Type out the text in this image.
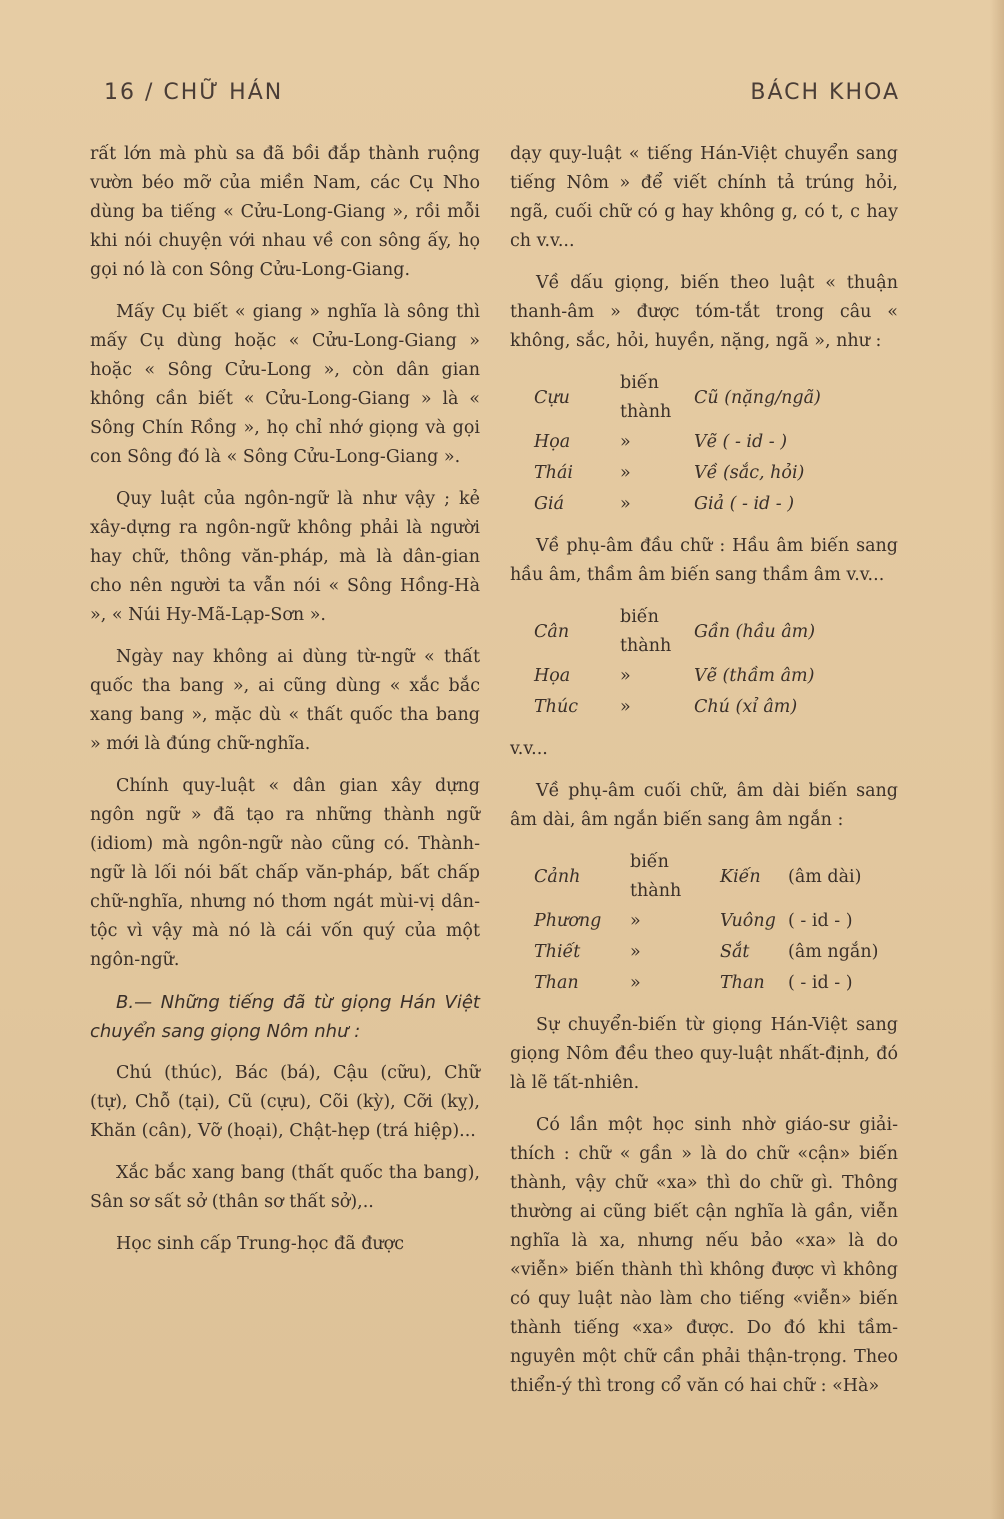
16 / CHỮ HÁN	BÁCH KHOA

rất lớn mà phù sa đã bồi đắp thành ruộng vườn béo mỡ của miền Nam, các Cụ Nho dùng ba tiếng « Cửu-Long-Giang », rồi mỗi khi nói chuyện với nhau về con sông ấy, họ gọi nó là con Sông Cửu-Long-Giang.

Mấy Cụ biết « giang » nghĩa là sông thì mấy Cụ dùng hoặc « Cửu-Long-Giang » hoặc « Sông Cửu-Long », còn dân gian không cần biết « Cửu-Long-Giang » là « Sông Chín Rồng », họ chỉ nhớ giọng và gọi con Sông đó là « Sông Cửu-Long-Giang ».

Quy luật của ngôn-ngữ là như vậy ; kẻ xây-dựng ra ngôn-ngữ không phải là người hay chữ, thông văn-pháp, mà là dân-gian cho nên người ta vẫn nói « Sông Hồng-Hà », « Núi Hy-Mã-Lạp-Sơn ».

Ngày nay không ai dùng từ-ngữ « thất quốc tha bang », ai cũng dùng « xắc bắc xang bang », mặc dù « thất quốc tha bang » mới là đúng chữ-nghĩa.

Chính quy-luật « dân gian xây dựng ngôn ngữ » đã tạo ra những thành ngữ (idiom) mà ngôn-ngữ nào cũng có. Thành-ngữ là lối nói bất chấp văn-pháp, bất chấp chữ-nghĩa, nhưng nó thơm ngát mùi-vị dân-tộc vì vậy mà nó là cái vốn quý của một ngôn-ngữ.

B.— Những tiếng đã từ giọng Hán Việt chuyển sang giọng Nôm như :

Chú (thúc), Bác (bá), Cậu (cữu), Chữ (tự), Chỗ (tại), Cũ (cựu), Cõi (kỳ), Cỡi (kỵ), Khăn (cân), Vỡ (hoại), Chật-hẹp (trá hiệp)...

Xắc bắc xang bang (thất quốc tha bang), Sân sơ sất sở (thân sơ thất sở),..

Học sinh cấp Trung-học đã được

dạy quy-luật « tiếng Hán-Việt chuyển sang tiếng Nôm » để viết chính tả trúng hỏi, ngã, cuối chữ có g hay không g, có t, c hay ch v.v...

Về dấu giọng, biến theo luật « thuận thanh-âm » được tóm-tắt trong câu « không, sắc, hỏi, huyền, nặng, ngã », như :

Cựu	biến thành	Cũ (nặng/ngã)
Họa	»	Vẽ ( - id - )
Thái	»	Về (sắc, hỏi)
Giá	»	Giả ( - id - )

Về phụ-âm đầu chữ : Hầu âm biến sang hầu âm, thầm âm biến sang thầm âm v.v...

Cân	biến thành	Gần (hầu âm)
Họa	»	Vẽ (thầm âm)
Thúc	»	Chú (xỉ âm)

v.v...

Về phụ-âm cuối chữ, âm dài biến sang âm dài, âm ngắn biến sang âm ngắn :

Cảnh	biến thành	Kiến	(âm dài)
Phương	»	Vuông	( - id - )
Thiết	»	Sắt	(âm ngắn)
Than	»	Than	( - id - )

Sự chuyển-biến từ giọng Hán-Việt sang giọng Nôm đều theo quy-luật nhất-định, đó là lẽ tất-nhiên.

Có lần một học sinh nhờ giáo-sư giải-thích : chữ « gần » là do chữ «cận» biến thành, vậy chữ «xa» thì do chữ gì. Thông thường ai cũng biết cận nghĩa là gần, viễn nghĩa là xa, nhưng nếu bảo «xa» là do «viễn» biến thành thì không được vì không có quy luật nào làm cho tiếng «viễn» biến thành tiếng «xa» được. Do đó khi tầm-nguyên một chữ cần phải thận-trọng. Theo thiển-ý thì trong cổ văn có hai chữ : «Hà»
